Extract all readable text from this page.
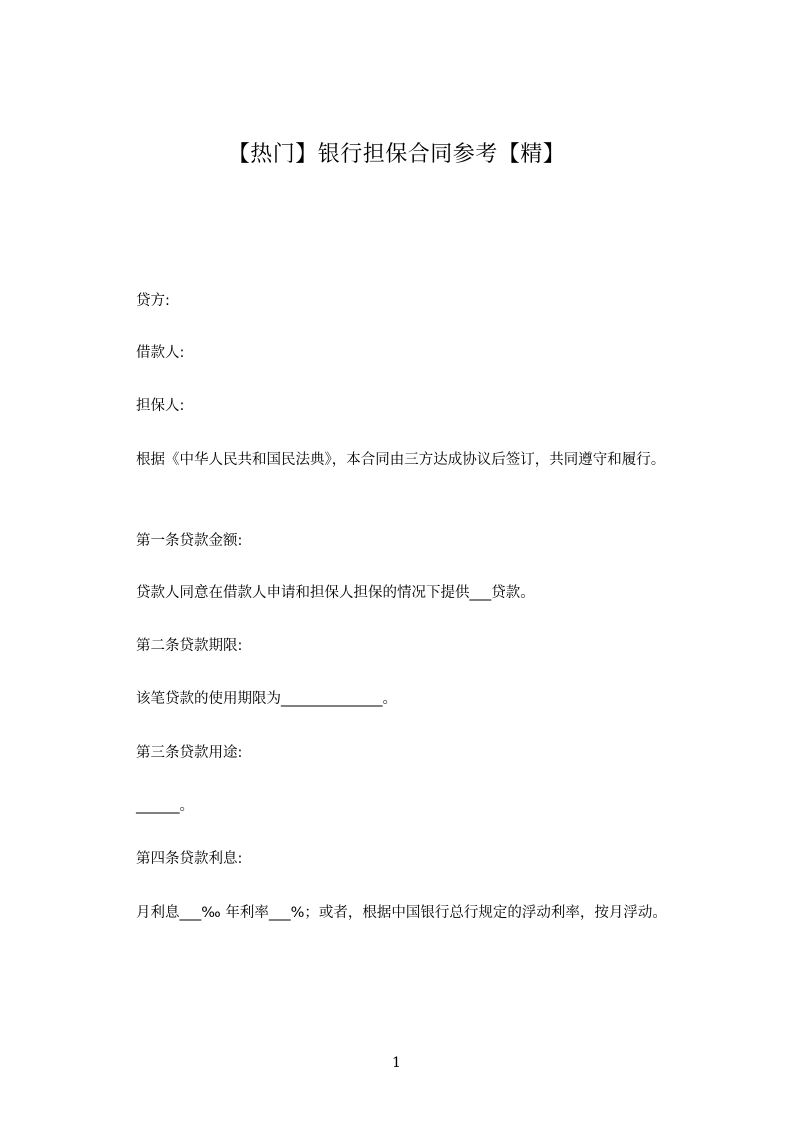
【热门】银行担保合同参考【精】
贷方:
借款人:
担保人:
根据《中华人民共和国民法典》，本合同由三方达成协议后签订，共同遵守和履行。
第一条贷款金额:
贷款人同意在借款人申请和担保人担保的情况下提供___贷款。
第二条贷款期限:
该笔贷款的使用期限为______________。
第三条贷款用途:
______。
第四条贷款利息:
月利息___‰ 年利率___%；或者，根据中国银行总行规定的浮动利率，按月浮动。
1
